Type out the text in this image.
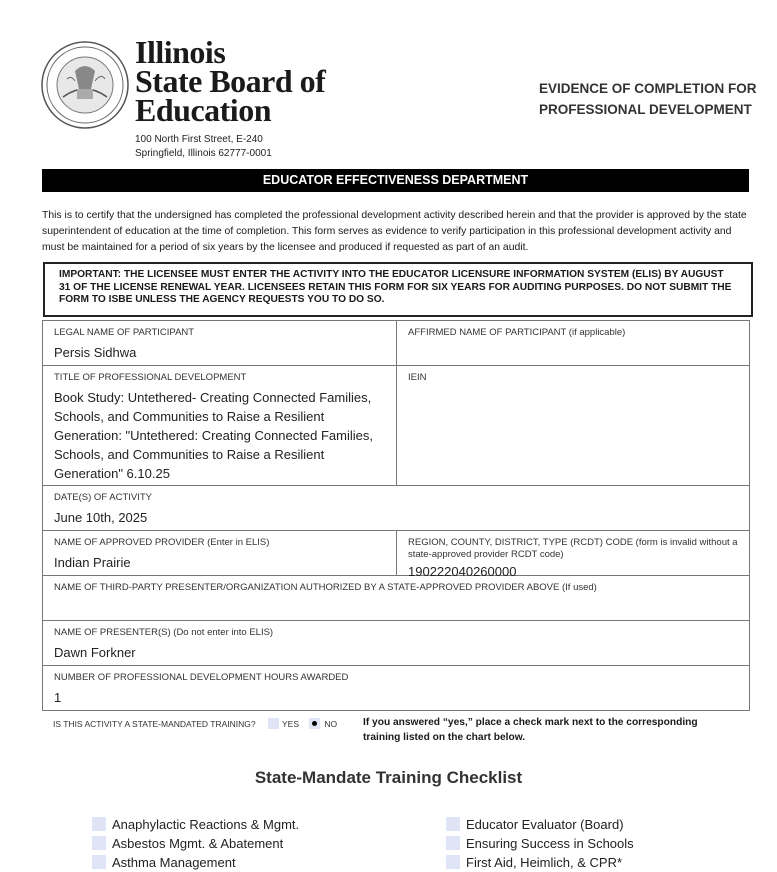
Illinois
State Board of
Education
100 North First Street, E-240
Springfield, Illinois 62777-0001
EVIDENCE OF COMPLETION FOR
PROFESSIONAL DEVELOPMENT
EDUCATOR EFFECTIVENESS DEPARTMENT
This is to certify that the undersigned has completed the professional development activity described herein and that the provider is approved by the state superintendent of education at the time of completion. This form serves as evidence to verify participation in this professional development activity and must be maintained for a period of six years by the licensee and produced if requested as part of an audit.
IMPORTANT: THE LICENSEE MUST ENTER THE ACTIVITY INTO THE EDUCATOR LICENSURE INFORMATION SYSTEM (ELIS) BY AUGUST 31 OF THE LICENSE RENEWAL YEAR. LICENSEES RETAIN THIS FORM FOR SIX YEARS FOR AUDITING PURPOSES. DO NOT SUBMIT THE FORM TO ISBE UNLESS THE AGENCY REQUESTS YOU TO DO SO.
LEGAL NAME OF PARTICIPANT
Persis Sidhwa
AFFIRMED NAME OF PARTICIPANT (if applicable)
TITLE OF PROFESSIONAL DEVELOPMENT
Book Study: Untethered- Creating Connected Families, Schools, and Communities to Raise a Resilient Generation: "Untethered: Creating Connected Families, Schools, and Communities to Raise a Resilient Generation" 6.10.25
IEIN
DATE(S) OF ACTIVITY
June 10th, 2025
NAME OF APPROVED PROVIDER (Enter in ELIS)
Indian Prairie
REGION, COUNTY, DISTRICT, TYPE (RCDT) CODE (form is invalid without a state-approved provider RCDT code)
190222040260000
NAME OF THIRD-PARTY PRESENTER/ORGANIZATION AUTHORIZED BY A STATE-APPROVED PROVIDER ABOVE (If used)
NAME OF PRESENTER(S) (Do not enter into ELIS)
Dawn Forkner
NUMBER OF PROFESSIONAL DEVELOPMENT HOURS AWARDED
1
IS THIS ACTIVITY A STATE-MANDATED TRAINING?	YES	NO	If you answered “yes,” place a check mark next to the corresponding training listed on the chart below.
State-Mandate Training Checklist
Anaphylactic Reactions & Mgmt.
Asbestos Mgmt. & Abatement
Asthma Management
Educator Evaluator (Board)
Ensuring Success in Schools
First Aid, Heimlich, & CPR*
